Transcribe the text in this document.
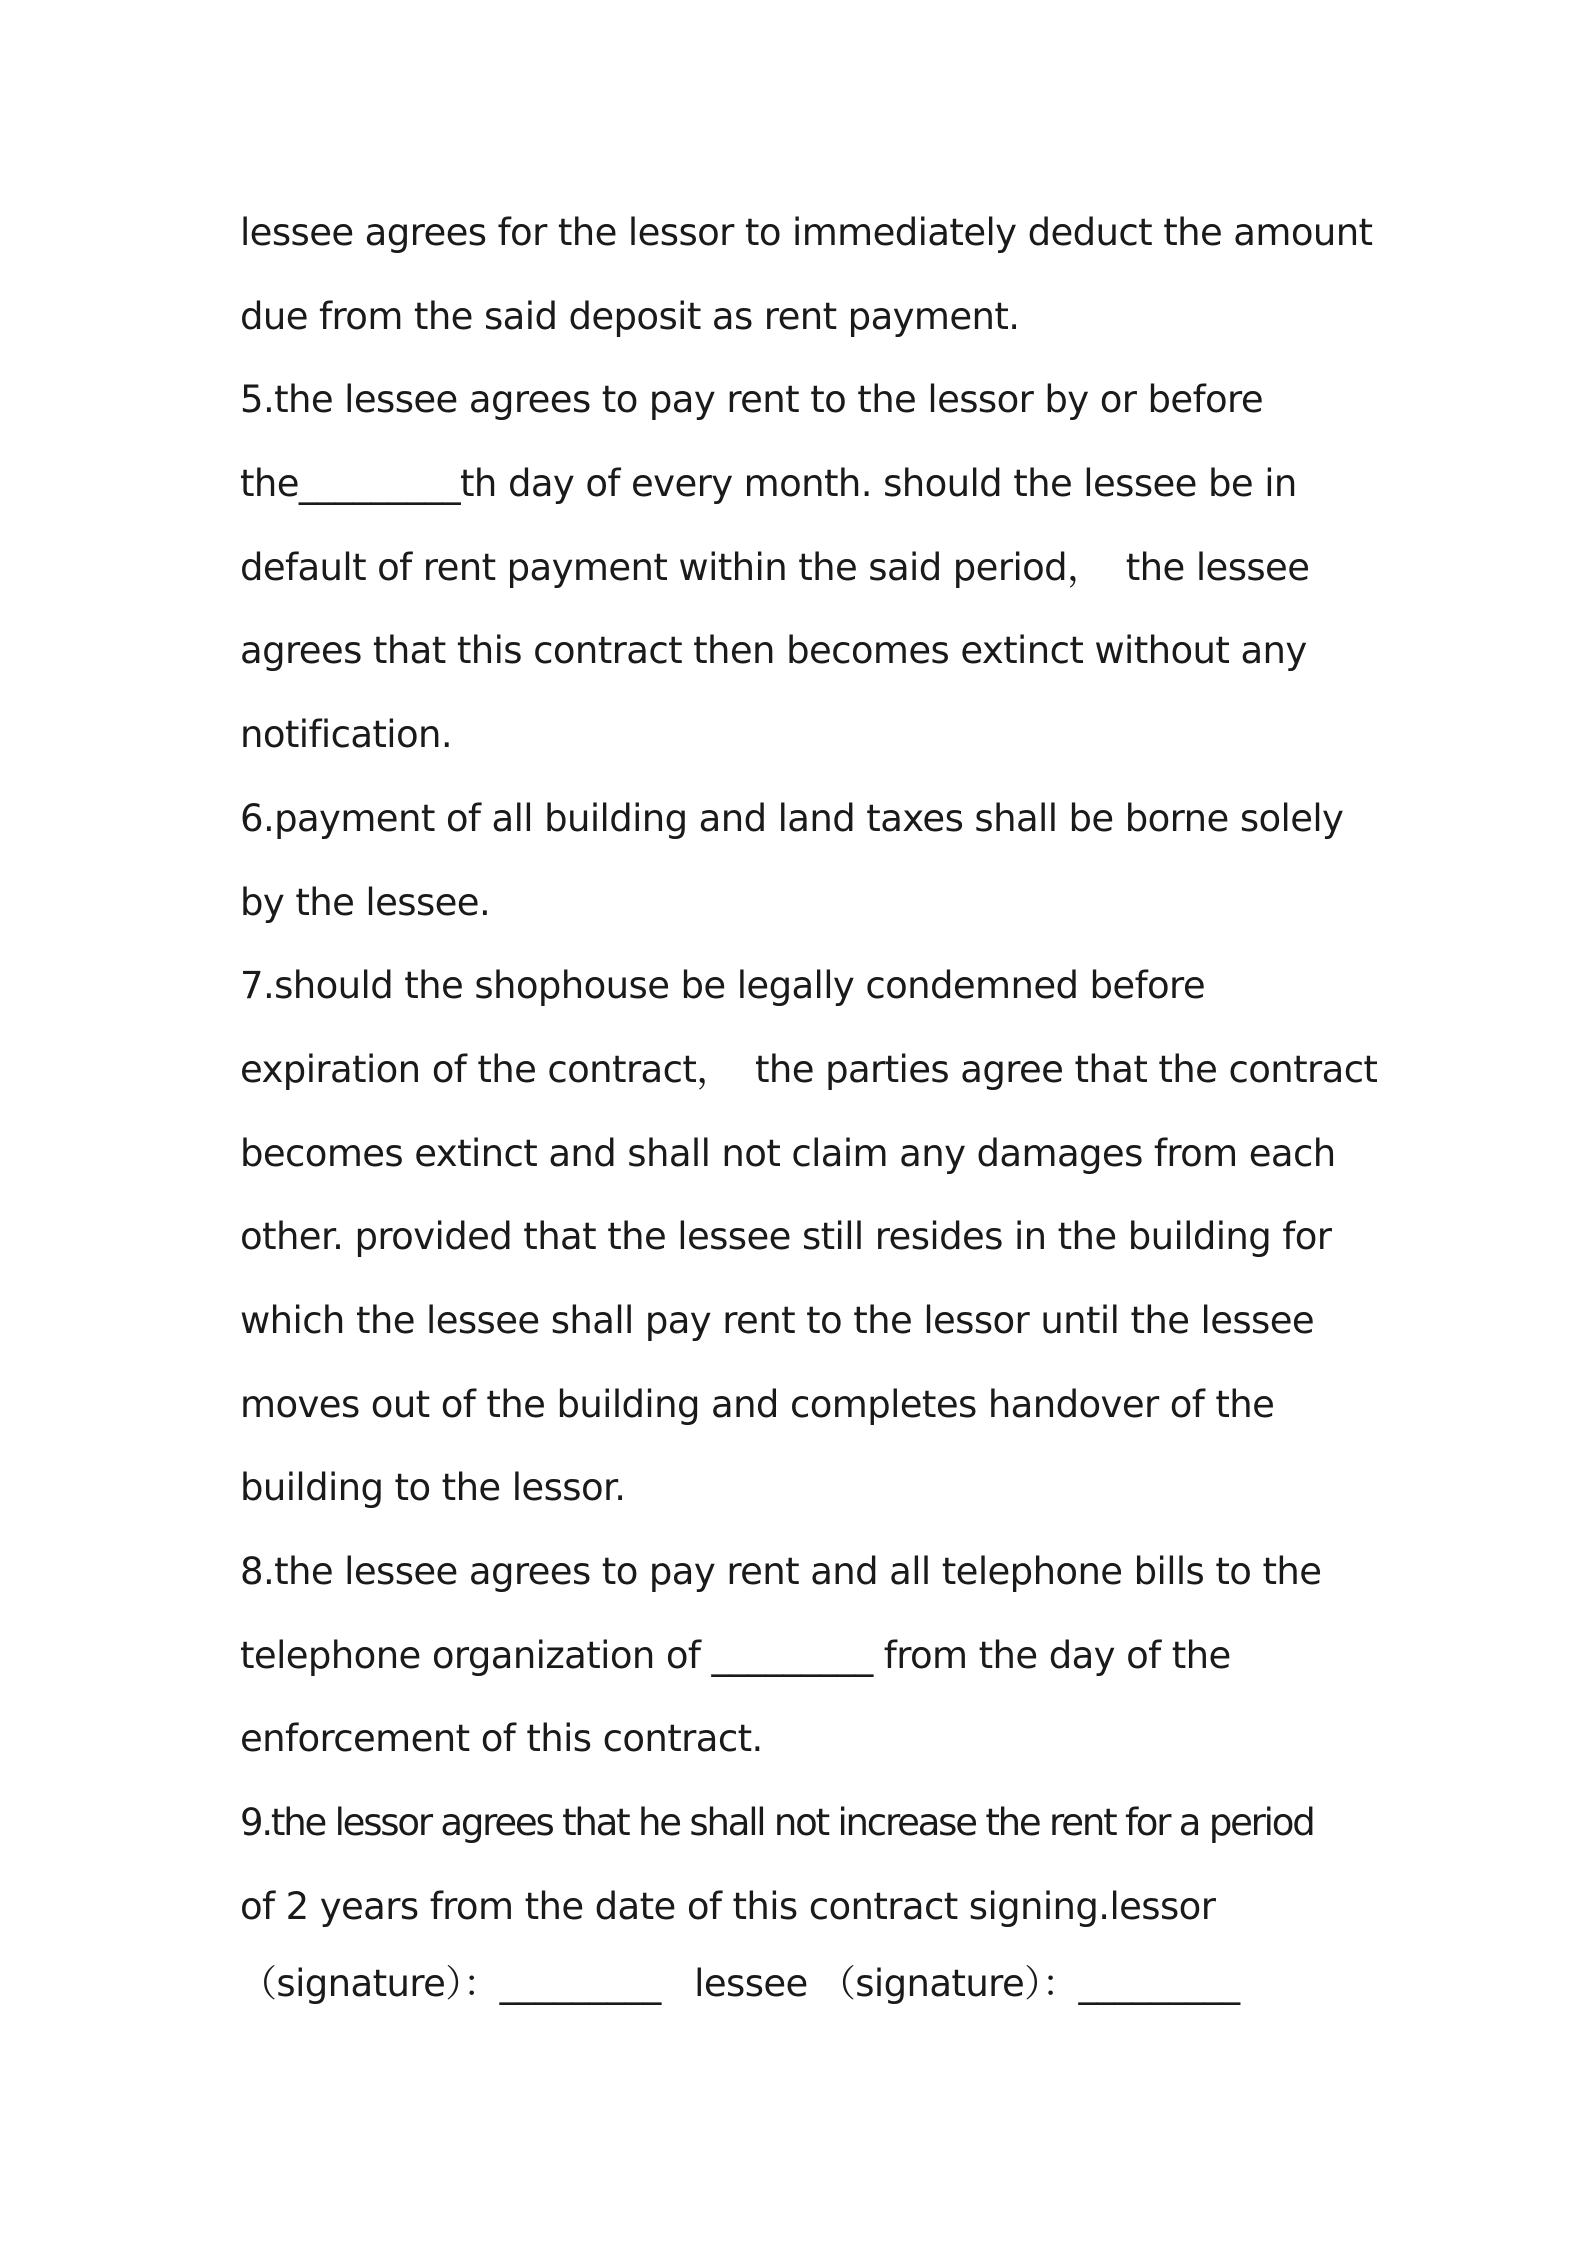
lessee agrees for the lessor to immediately deduct the amount
due from the said deposit as rent payment.
5.the lessee agrees to pay rent to the lessor by or before
the_________th day of every month. should the lessee be in
default of rent payment within the said period，  the lessee
agrees that this contract then becomes extinct without any
notification.
6.payment of all building and land taxes shall be borne solely
by the lessee.
7.should the shophouse be legally condemned before
expiration of the contract，  the parties agree that the contract
becomes extinct and shall not claim any damages from each
other. provided that the lessee still resides in the building for
which the lessee shall pay rent to the lessor until the lessee
moves out of the building and completes handover of the
building to the lessor.
8.the lessee agrees to pay rent and all telephone bills to the
telephone organization of _________ from the day of the
enforcement of this contract.
9.the lessor agrees that he shall not increase the rent for a period
of 2 years from the date of this contract signing.lessor
（signature）：_________   lessee （signature）：_________
